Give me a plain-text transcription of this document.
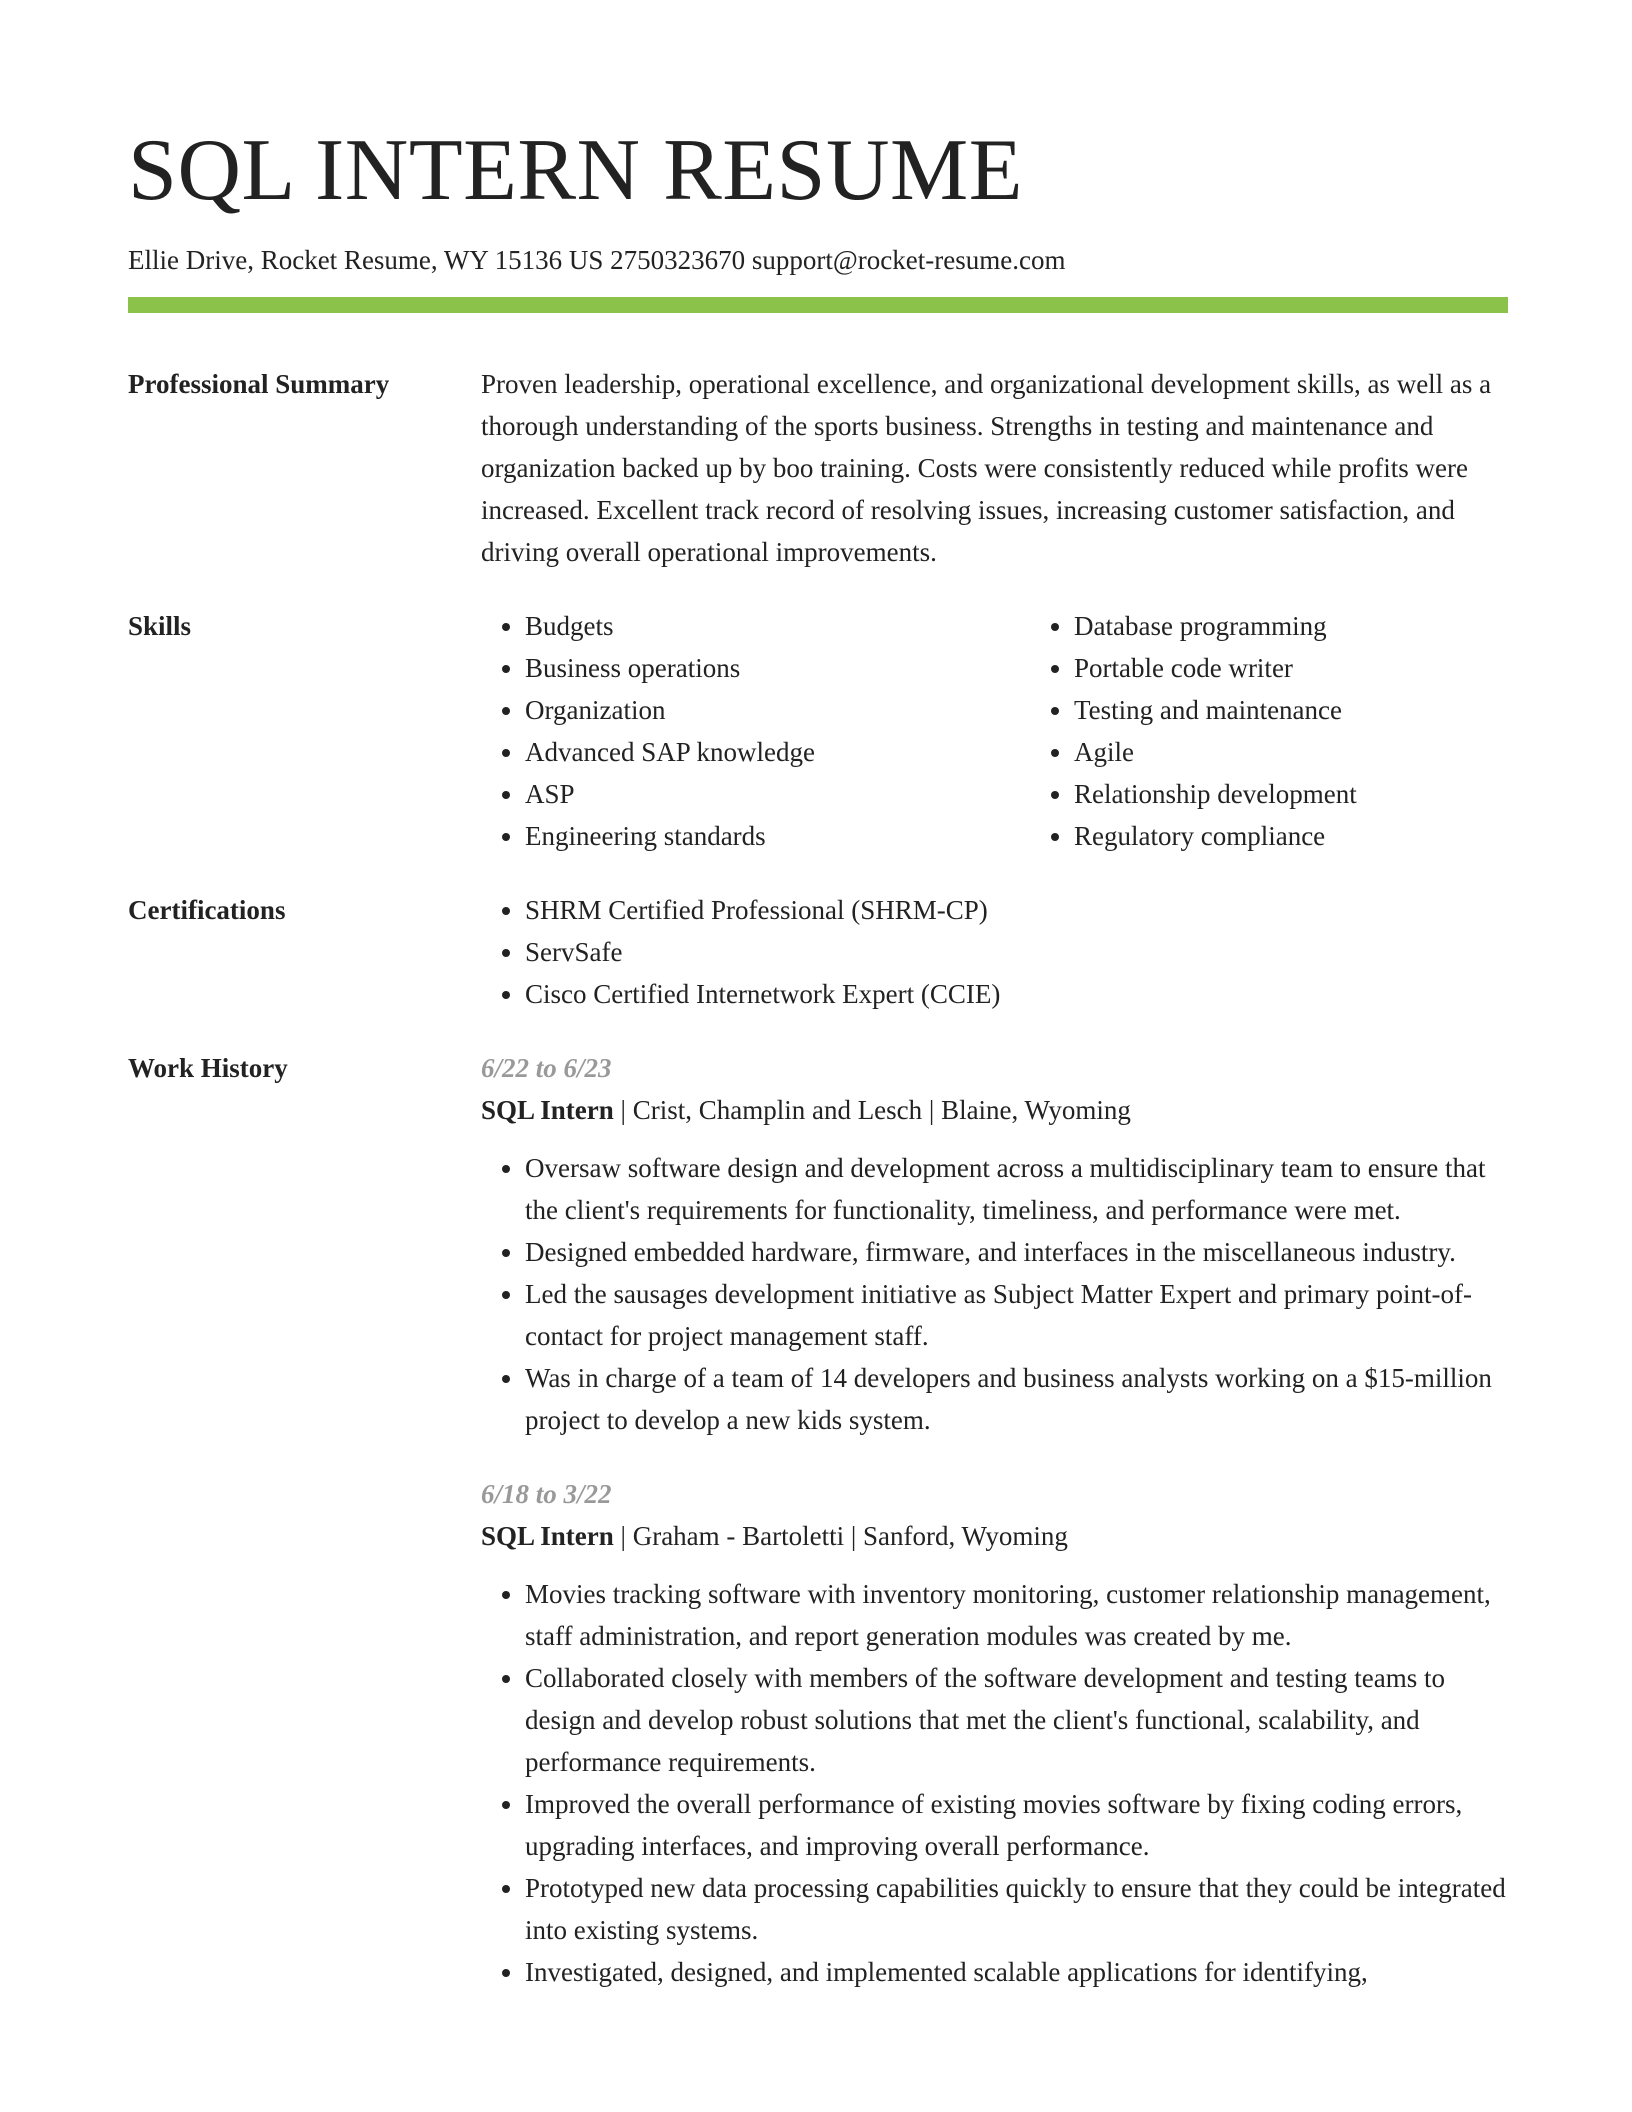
SQL INTERN RESUME
Ellie Drive, Rocket Resume, WY 15136 US 2750323670 support@rocket-resume.com
Professional Summary	Proven leadership, operational excellence, and organizational development skills, as well as a thorough understanding of the sports business. Strengths in testing and maintenance and organization backed up by boo training. Costs were consistently reduced while profits were increased. Excellent track record of resolving issues, increasing customer satisfaction, and driving overall operational improvements.
Skills	• Budgets
• Business operations
• Organization
• Advanced SAP knowledge
• ASP
• Engineering standards
• Database programming
• Portable code writer
• Testing and maintenance
• Agile
• Relationship development
• Regulatory compliance
Certifications	• SHRM Certified Professional (SHRM-CP)
• ServSafe
• Cisco Certified Internetwork Expert (CCIE)
Work History	6/22 to 6/23
SQL Intern | Crist, Champlin and Lesch | Blaine, Wyoming
• Oversaw software design and development across a multidisciplinary team to ensure that the client's requirements for functionality, timeliness, and performance were met.
• Designed embedded hardware, firmware, and interfaces in the miscellaneous industry.
• Led the sausages development initiative as Subject Matter Expert and primary point-of-contact for project management staff.
• Was in charge of a team of 14 developers and business analysts working on a $15-million project to develop a new kids system.
6/18 to 3/22
SQL Intern | Graham - Bartoletti | Sanford, Wyoming
• Movies tracking software with inventory monitoring, customer relationship management, staff administration, and report generation modules was created by me.
• Collaborated closely with members of the software development and testing teams to design and develop robust solutions that met the client's functional, scalability, and performance requirements.
• Improved the overall performance of existing movies software by fixing coding errors, upgrading interfaces, and improving overall performance.
• Prototyped new data processing capabilities quickly to ensure that they could be integrated into existing systems.
• Investigated, designed, and implemented scalable applications for identifying,
